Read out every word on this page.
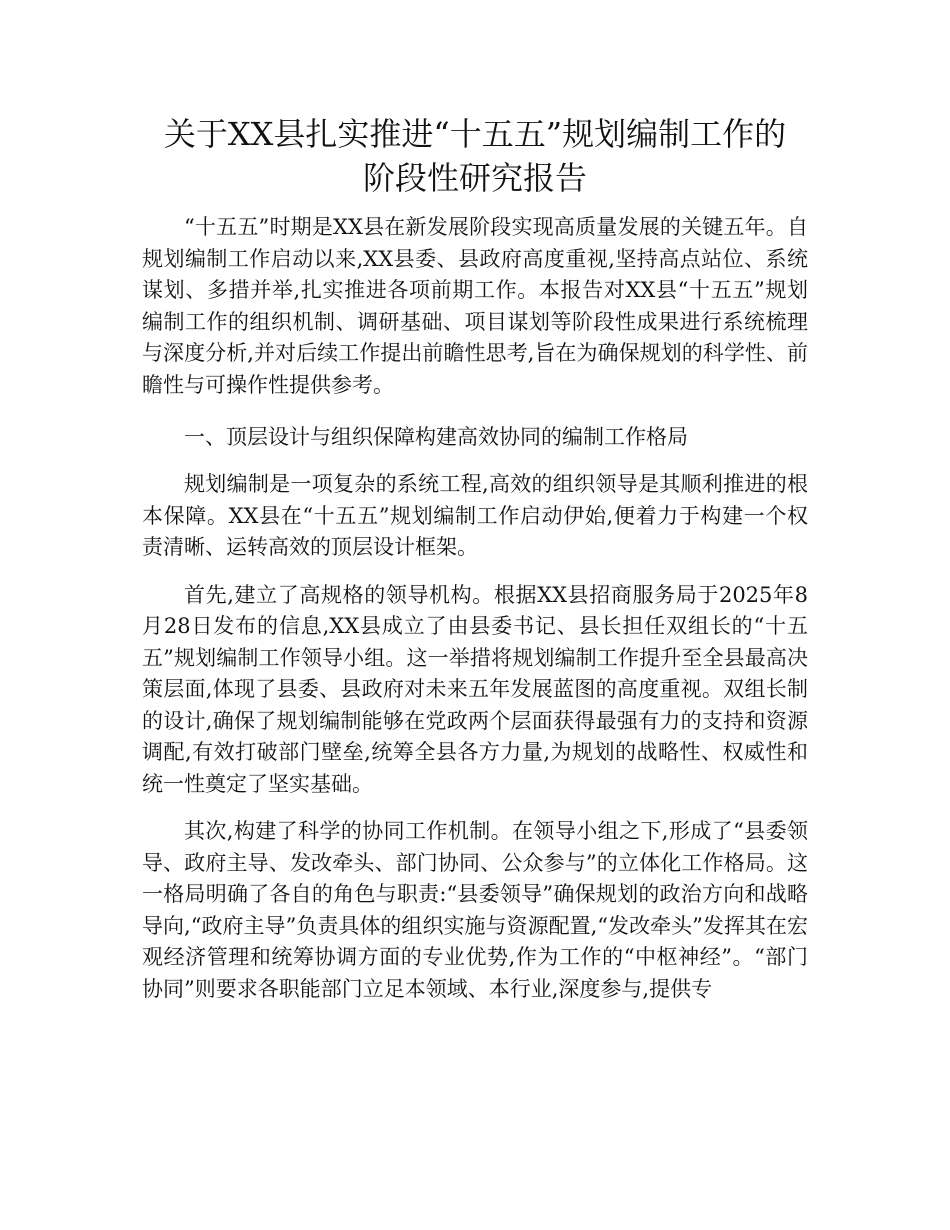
关于XX县扎实推进“十五五”规划编制工作的
阶段性研究报告

“十五五”时期是XX县在新发展阶段实现高质量发展的关键五年。自规划编制工作启动以来,XX县委、县政府高度重视,坚持高点站位、系统谋划、多措并举,扎实推进各项前期工作。本报告对XX县“十五五”规划编制工作的组织机制、调研基础、项目谋划等阶段性成果进行系统梳理与深度分析,并对后续工作提出前瞻性思考,旨在为确保规划的科学性、前瞻性与可操作性提供参考。

一、顶层设计与组织保障构建高效协同的编制工作格局

规划编制是一项复杂的系统工程,高效的组织领导是其顺利推进的根本保障。XX县在“十五五”规划编制工作启动伊始,便着力于构建一个权责清晰、运转高效的顶层设计框架。

首先,建立了高规格的领导机构。根据XX县招商服务局于2025年8月28日发布的信息,XX县成立了由县委书记、县长担任双组长的“十五五”规划编制工作领导小组。这一举措将规划编制工作提升至全县最高决策层面,体现了县委、县政府对未来五年发展蓝图的高度重视。双组长制的设计,确保了规划编制能够在党政两个层面获得最强有力的支持和资源调配,有效打破部门壁垒,统筹全县各方力量,为规划的战略性、权威性和统一性奠定了坚实基础。

其次,构建了科学的协同工作机制。在领导小组之下,形成了“县委领导、政府主导、发改牵头、部门协同、公众参与”的立体化工作格局。这一格局明确了各自的角色与职责:“县委领导”确保规划的政治方向和战略导向,“政府主导”负责具体的组织实施与资源配置,“发改牵头”发挥其在宏观经济管理和统筹协调方面的专业优势,作为工作的“中枢神经”。“部门协同”则要求各职能部门立足本领域、本行业,深度参与,提供专
